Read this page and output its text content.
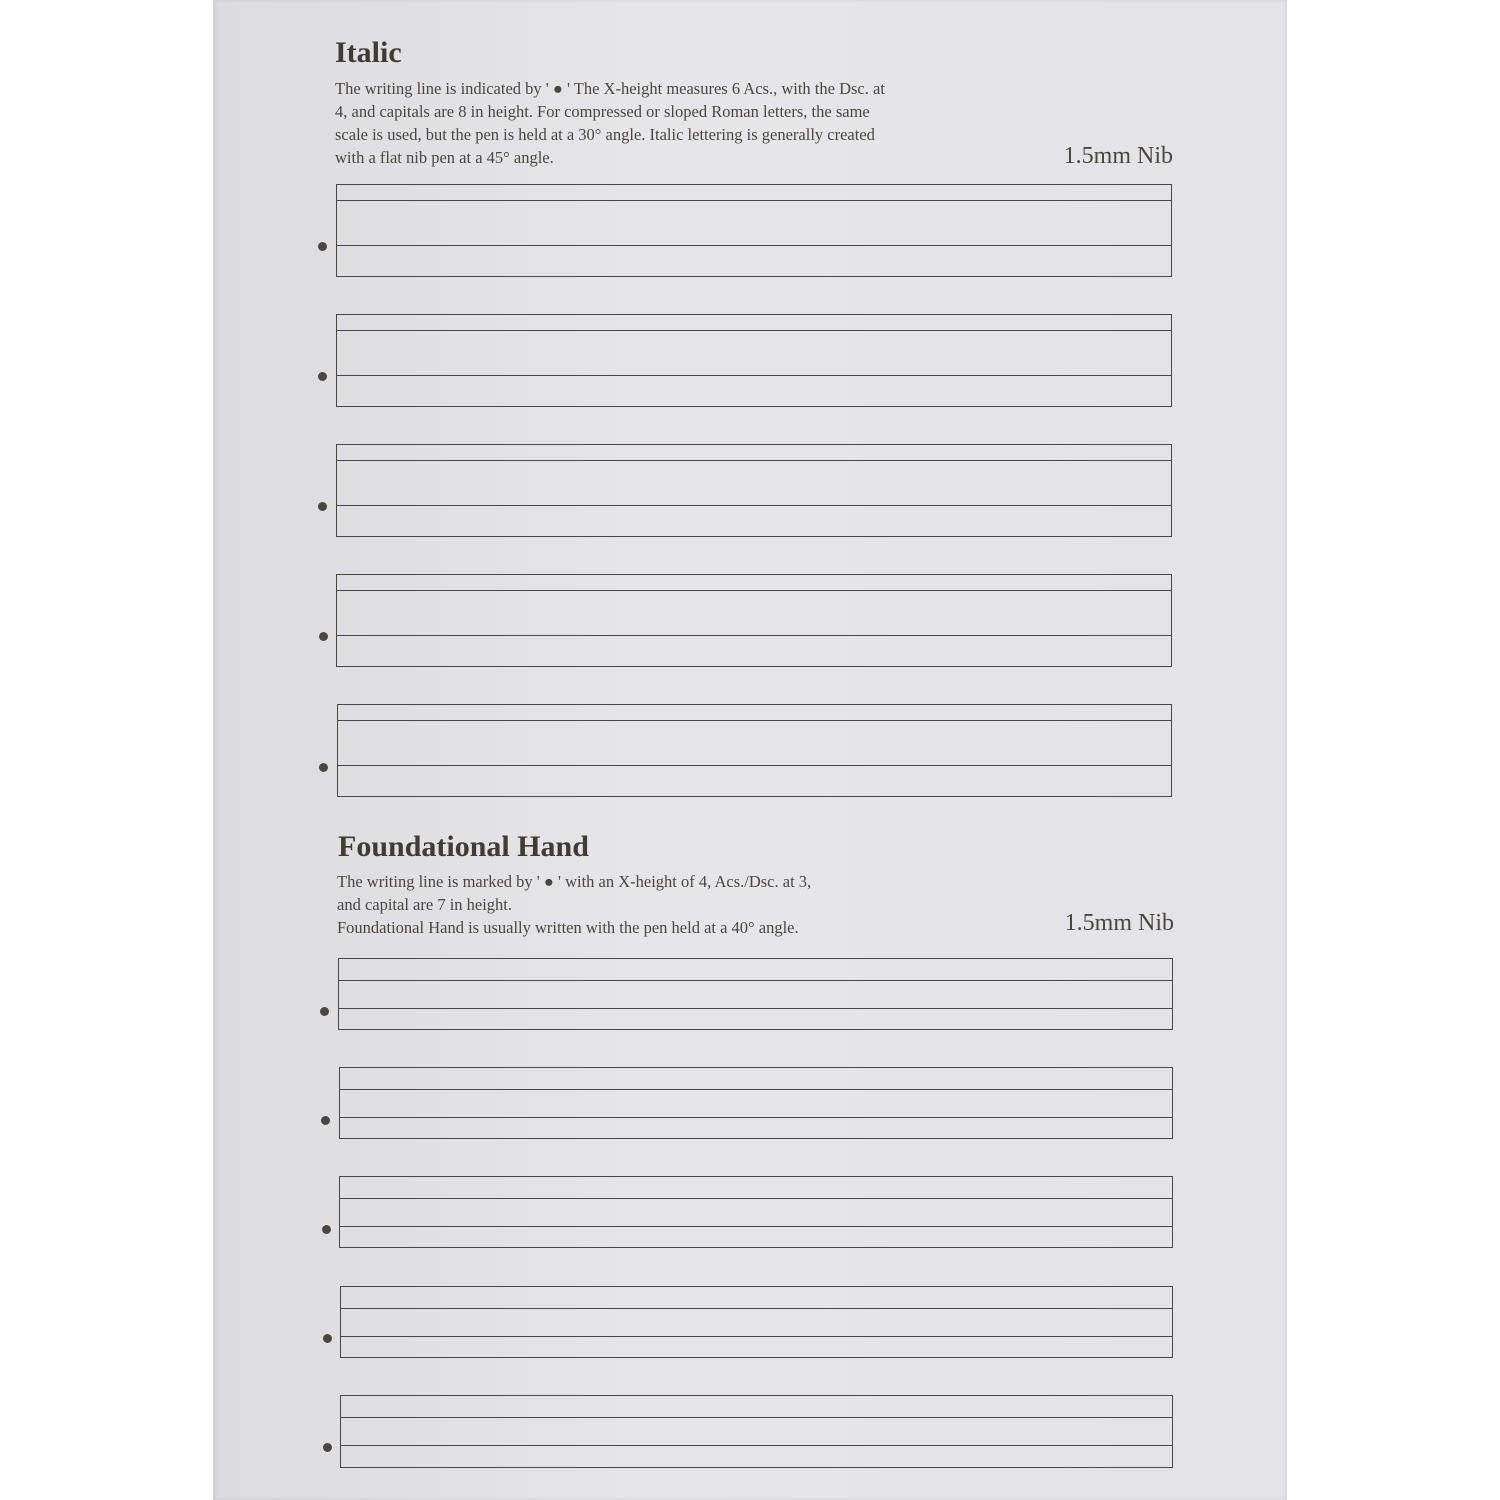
Italic
The writing line is indicated by ' ● ' The X-height measures 6 Acs., with the Dsc. at
4, and capitals are 8 in height. For compressed or sloped Roman letters, the same
scale is used, but the pen is held at a 30° angle. Italic lettering is generally created
with a flat nib pen at a 45° angle.	1.5mm Nib
Foundational Hand
The writing line is marked by ' ● ' with an X-height of 4, Acs./Dsc. at 3,
and capital are 7 in height.
Foundational Hand is usually written with the pen held at a 40° angle.	1.5mm Nib
